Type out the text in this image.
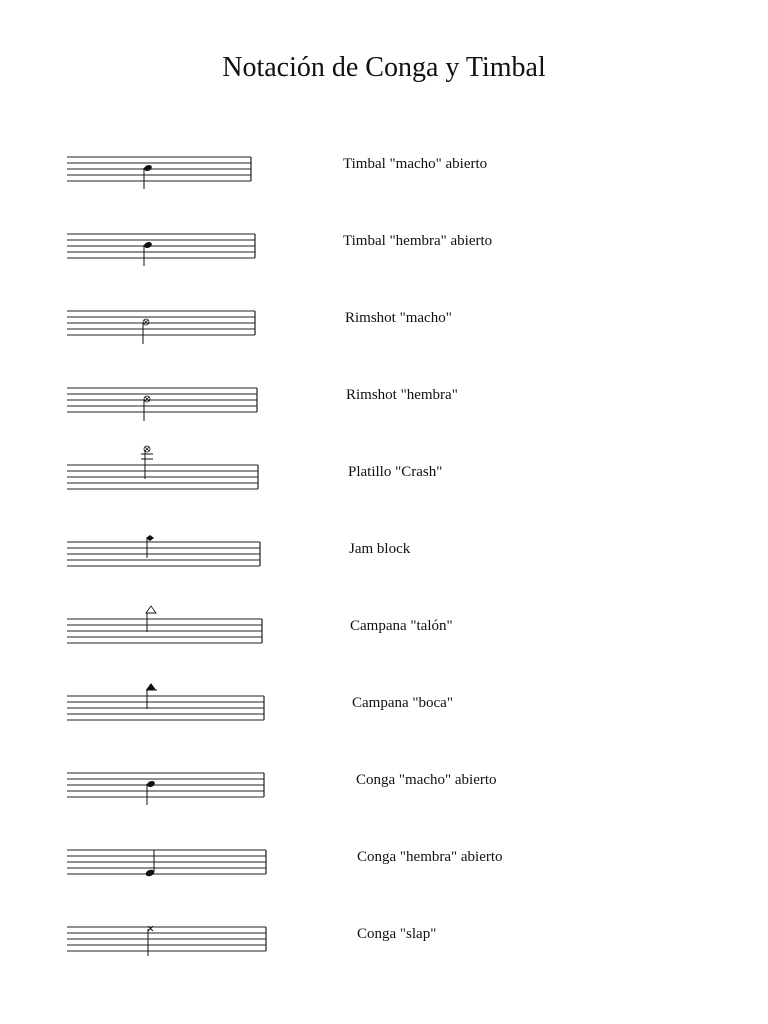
Notación de Conga y Timbal
Timbal "macho" abierto
Timbal "hembra" abierto
Rimshot "macho"
Rimshot "hembra"
Platillo "Crash"
Jam block
Campana "talón"
Campana "boca"
Conga "macho" abierto
Conga "hembra" abierto
Conga "slap"
